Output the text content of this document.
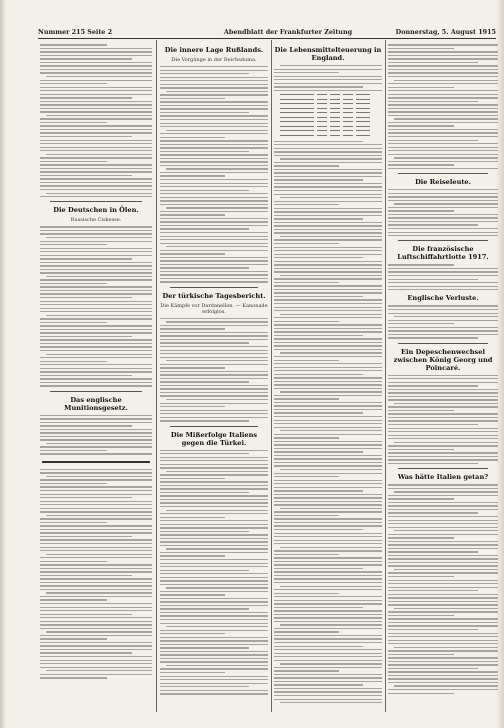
Nummer 215 Seite 2	Abendblatt der Frankfurter Zeitung	Donnerstag, 5. August 1915
Die Deutschen in Ölen.
Russische Ciskesse.
Das englische Munitionsgesetz.
Die innere Lage Rußlands.
Die Vorgänge in der Reichsduma.
Der türkische Tagesbericht.
Die Kämpfe vor Dardanellen. — Kanonade erfolglos.
Die Mißerfolge Italiens gegen die Türkei.
Die Lebensmittelteuerung in England.
Die Reiseleute.
Die französische Luftschiffahrtlotte 1917.
Englische Verluste.
Ein Depeschenwechsel zwischen König Georg und Poincaré.
Was hätte Italien getan?
